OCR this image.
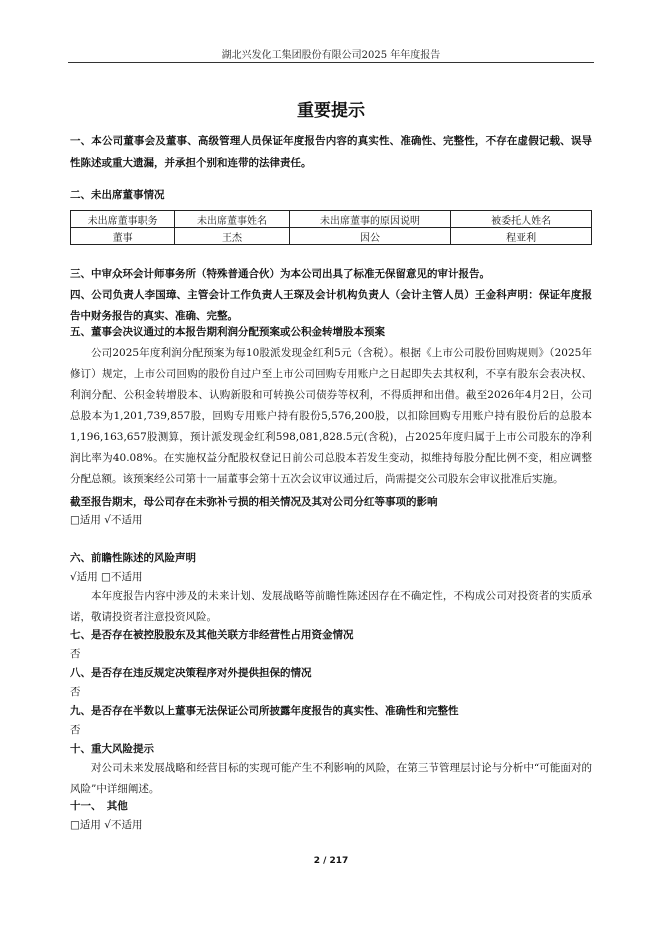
湖北兴发化工集团股份有限公司2025 年年度报告
重要提示
一、本公司董事会及董事、高级管理人员保证年度报告内容的真实性、准确性、完整性，不存在虚假记载、误导性陈述或重大遗漏，并承担个别和连带的法律责任。
二、未出席董事情况
未出席董事职务	未出席董事姓名	未出席董事的原因说明	被委托人姓名
董事	王杰	因公	程亚利
三、中审众环会计师事务所（特殊普通合伙）为本公司出具了标准无保留意见的审计报告。
四、公司负责人李国璋、主管会计工作负责人王琛及会计机构负责人（会计主管人员）王金科声明：保证年度报告中财务报告的真实、准确、完整。
五、董事会决议通过的本报告期利润分配预案或公积金转增股本预案
公司2025年度利润分配预案为每10股派发现金红利5元（含税）。根据《上市公司股份回购规则》（2025年修订）规定，上市公司回购的股份自过户至上市公司回购专用账户之日起即失去其权利，不享有股东会表决权、利润分配、公积金转增股本、认购新股和可转换公司债券等权利，不得质押和出借。截至2026年4月2日，公司总股本为1,201,739,857股，回购专用账户持有股份5,576,200股，以扣除回购专用账户持有股份后的总股本1,196,163,657股测算，预计派发现金红利598,081,828.5元(含税)，占2025年度归属于上市公司股东的净利润比率为40.08%。在实施权益分配股权登记日前公司总股本若发生变动，拟维持每股分配比例不变，相应调整分配总额。该预案经公司第十一届董事会第十五次会议审议通过后，尚需提交公司股东会审议批准后实施。
截至报告期末，母公司存在未弥补亏损的相关情况及其对公司分红等事项的影响
□适用 √不适用
六、前瞻性陈述的风险声明
√适用 □不适用
本年度报告内容中涉及的未来计划、发展战略等前瞻性陈述因存在不确定性，不构成公司对投资者的实质承诺，敬请投资者注意投资风险。
七、是否存在被控股股东及其他关联方非经营性占用资金情况
否
八、是否存在违反规定决策程序对外提供担保的情况
否
九、是否存在半数以上董事无法保证公司所披露年度报告的真实性、准确性和完整性
否
十、重大风险提示
对公司未来发展战略和经营目标的实现可能产生不利影响的风险，在第三节管理层讨论与分析中“可能面对的风险”中详细阐述。
十一、　其他
□适用 √不适用
2 / 217
